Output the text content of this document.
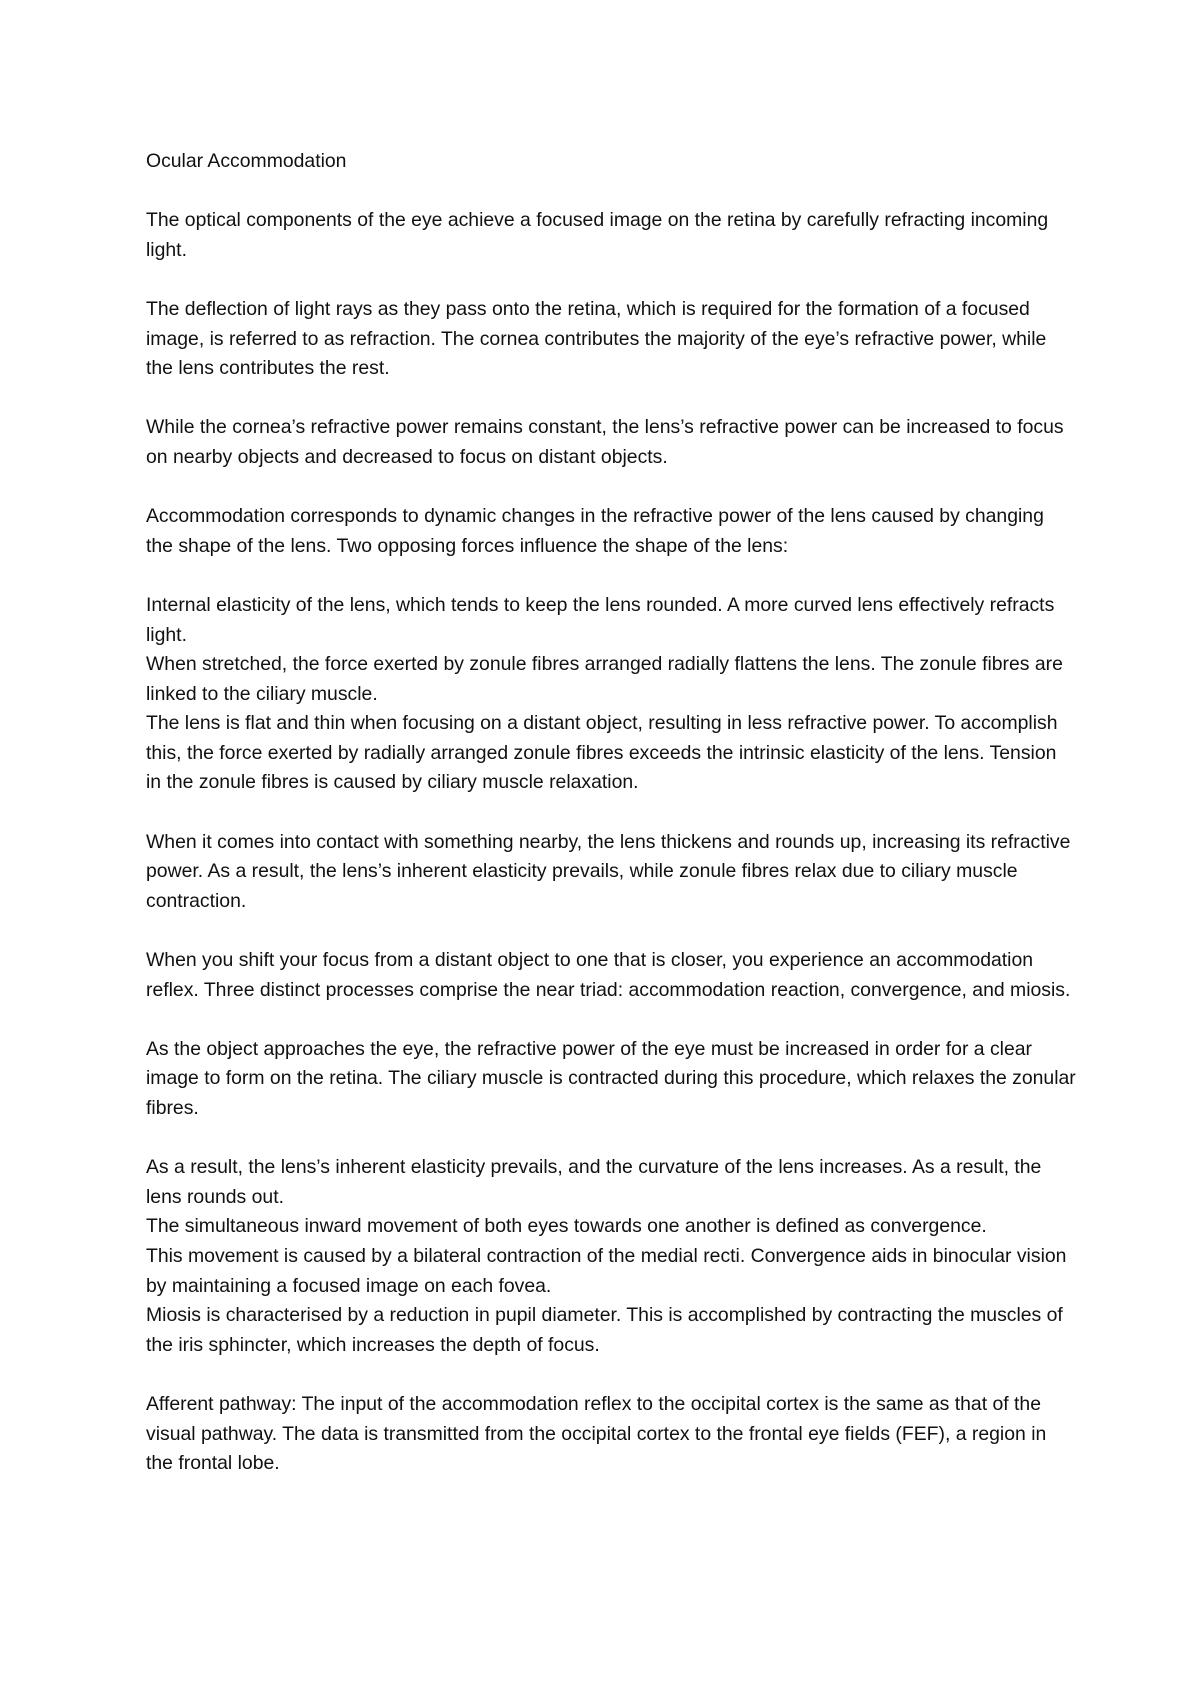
Ocular Accommodation

The optical components of the eye achieve a focused image on the retina by carefully refracting incoming light.

The deflection of light rays as they pass onto the retina, which is required for the formation of a focused image, is referred to as refraction. The cornea contributes the majority of the eye’s refractive power, while the lens contributes the rest.

While the cornea’s refractive power remains constant, the lens’s refractive power can be increased to focus on nearby objects and decreased to focus on distant objects.

Accommodation corresponds to dynamic changes in the refractive power of the lens caused by changing the shape of the lens. Two opposing forces influence the shape of the lens:

Internal elasticity of the lens, which tends to keep the lens rounded. A more curved lens effectively refracts light.

When stretched, the force exerted by zonule fibres arranged radially flattens the lens. The zonule fibres are linked to the ciliary muscle.

The lens is flat and thin when focusing on a distant object, resulting in less refractive power. To accomplish this, the force exerted by radially arranged zonule fibres exceeds the intrinsic elasticity of the lens. Tension in the zonule fibres is caused by ciliary muscle relaxation.

When it comes into contact with something nearby, the lens thickens and rounds up, increasing its refractive power. As a result, the lens’s inherent elasticity prevails, while zonule fibres relax due to ciliary muscle contraction.

When you shift your focus from a distant object to one that is closer, you experience an accommodation reflex. Three distinct processes comprise the near triad: accommodation reaction, convergence, and miosis.

As the object approaches the eye, the refractive power of the eye must be increased in order for a clear image to form on the retina. The ciliary muscle is contracted during this procedure, which relaxes the zonular fibres.

As a result, the lens’s inherent elasticity prevails, and the curvature of the lens increases. As a result, the lens rounds out.

The simultaneous inward movement of both eyes towards one another is defined as convergence.

This movement is caused by a bilateral contraction of the medial recti. Convergence aids in binocular vision by maintaining a focused image on each fovea.

Miosis is characterised by a reduction in pupil diameter. This is accomplished by contracting the muscles of the iris sphincter, which increases the depth of focus.

Afferent pathway: The input of the accommodation reflex to the occipital cortex is the same as that of the visual pathway. The data is transmitted from the occipital cortex to the frontal eye fields (FEF), a region in the frontal lobe.
